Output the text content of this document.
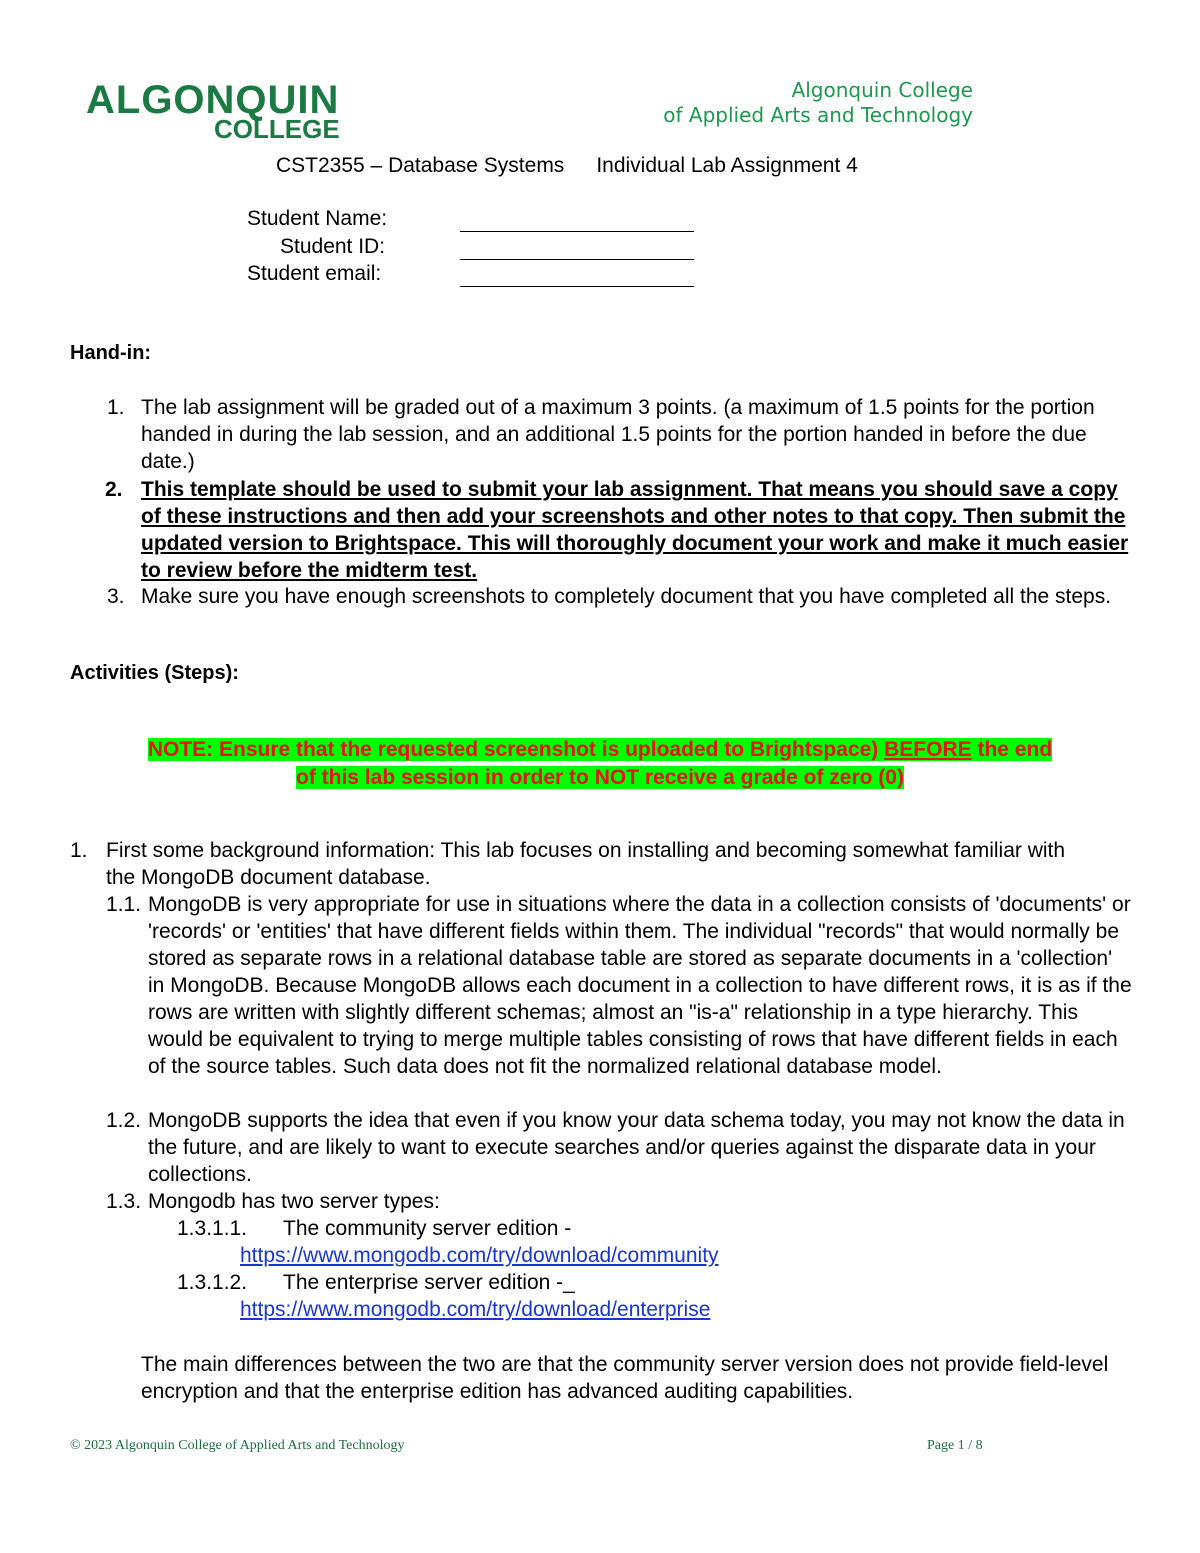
ALGONQUIN
COLLEGE
Algonquin College
of Applied Arts and Technology
CST2355 – Database Systems Individual Lab Assignment 4
Student Name:
Student ID:
Student email:
Hand-in:
1. The lab assignment will be graded out of a maximum 3 points. (a maximum of 1.5 points for the portion handed in during the lab session, and an additional 1.5 points for the portion handed in before the due date.)
2. This template should be used to submit your lab assignment. That means you should save a copy of these instructions and then add your screenshots and other notes to that copy. Then submit the updated version to Brightspace. This will thoroughly document your work and make it much easier to review before the midterm test.
3. Make sure you have enough screenshots to completely document that you have completed all the steps.
Activities (Steps):
NOTE: Ensure that the requested screenshot is uploaded to Brightspace) BEFORE the end
of this lab session in order to NOT receive a grade of zero (0)
1. First some background information: This lab focuses on installing and becoming somewhat familiar with the MongoDB document database.
1.1. MongoDB is very appropriate for use in situations where the data in a collection consists of 'documents' or 'records' or 'entities' that have different fields within them. The individual "records" that would normally be stored as separate rows in a relational database table are stored as separate documents in a 'collection' in MongoDB. Because MongoDB allows each document in a collection to have different rows, it is as if the rows are written with slightly different schemas; almost an "is-a" relationship in a type hierarchy. This would be equivalent to trying to merge multiple tables consisting of rows that have different fields in each of the source tables. Such data does not fit the normalized relational database model.
1.2. MongoDB supports the idea that even if you know your data schema today, you may not know the data in the future, and are likely to want to execute searches and/or queries against the disparate data in your collections.
1.3. Mongodb has two server types:
1.3.1.1. The community server edition -
https://www.mongodb.com/try/download/community
1.3.1.2. The enterprise server edition -_
https://www.mongodb.com/try/download/enterprise
The main differences between the two are that the community server version does not provide field-level encryption and that the enterprise edition has advanced auditing capabilities.
© 2023 Algonquin College of Applied Arts and Technology	Page 1 / 8
